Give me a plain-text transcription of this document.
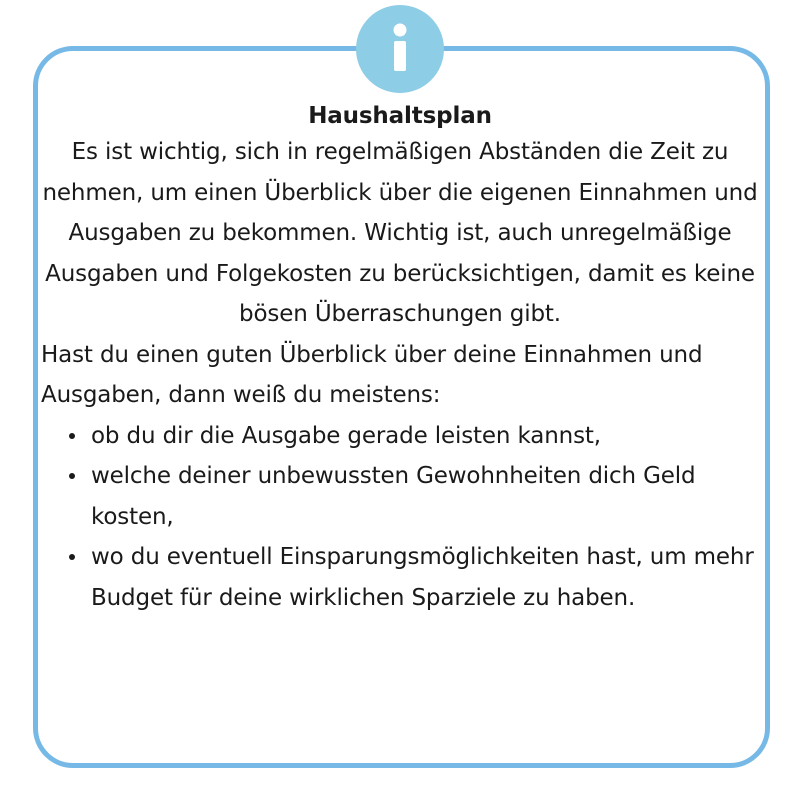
Haushaltsplan

Es ist wichtig, sich in regelmäßigen Abständen die Zeit zu nehmen, um einen Überblick über die eigenen Einnahmen und Ausgaben zu bekommen. Wichtig ist, auch unregelmäßige Ausgaben und Folgekosten zu berücksichtigen, damit es keine bösen Überraschungen gibt.

Hast du einen guten Überblick über deine Einnahmen und Ausgaben, dann weiß du meistens:

ob du dir die Ausgabe gerade leisten kannst,
welche deiner unbewussten Gewohnheiten dich Geld kosten,
wo du eventuell Einsparungsmöglichkeiten hast, um mehr Budget für deine wirklichen Sparziele zu haben.
